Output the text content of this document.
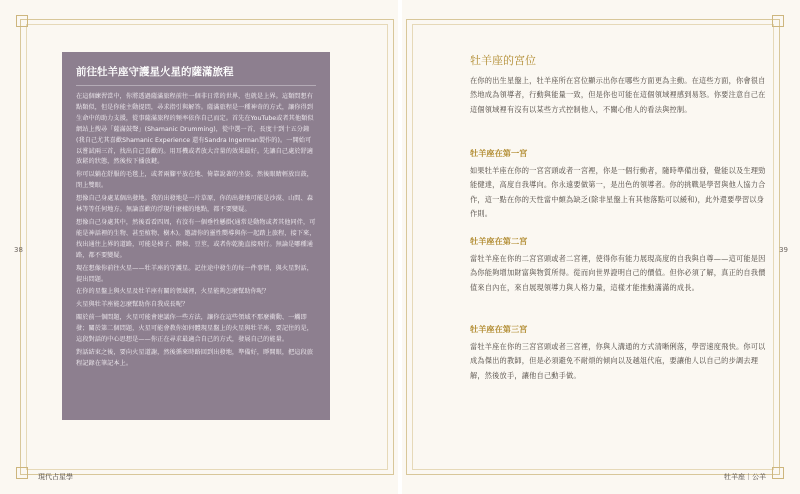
38
前往牡羊座守護星火星的薩滿旅程

在這個練習當中，你將透過薩滿旅程前往一個非日常的世界，也就是上界。這類問想有點類似，但是你能主動提問，尋求指引與解答。薩滿旅程是一種神奇的方式，讓你得到生命中的助力支援，從事薩滿旅程的頻率依你自己而定。首先在YouTube或者其他類似網站上搜尋「薩滿鼓聲」(Shamanic Drumming)，從中選一首，長度十到十五分鐘(我自己尤其喜歡Shamanic Experience 還有Sandra Ingerman製作的)。一開始可以嘗試兩三首，找出自己喜歡的。用耳機或者放大音量的效果最好。先讓自己處於舒適放鬆的狀態，然後按下播放鍵。

你可以躺在舒服的毛毯上，或者兩腳平放在地、倚靠說著的坐姿。然後眼睛輕放盲鼓，閉上雙眼。

想像自己身處某個出發地。我的出發地是一片草原，你的出發地可能是沙漠、山間、森林等等任何地方。無論喜歡的浮現什麼樣的地點，都不要變疑。

想像自己身處其中，然後看看四周，有沒有一個垂性懸掛(通常是動物或者其他同伴，可能是神話裡的生物、甚至植物、樹木)。邀請你的靈性嚮導與你一起踏上旅程，接下來，找出通往上界的道路，可能是梯子、階梯、豆莖，或者你乾脆直接飛行。無論是哪種通路，都不要變疑。

現在想像你前往火星——牡羊座的守護星。記住途中發生的每一件事情，與火星對話，提出問題。

在你的星盤上與火星及牡羊座有關的領域裡，火星能夠怎麼幫助你呢？

火星與牡羊座能怎麼幫助你自我成長呢？

關於前一個問題，火星可能會建議你一些方法，讓你在這些領域不那麼衝動、一觸即發；關於第二個問題，火星可能會教你如何體現星盤上的火星與牡羊座，要記住的是，這段對話的中心思想是——你正在尋求最適合自己的方式，發展自己的能量。

對話結束之後，要向火星道謝，然後循來時路回到出發地，準備好，睜開眼，把這段旅程記錄在筆記本上。

現代占星學
39
牡羊座｜公羊
牡羊座的宮位

在你的出生星盤上，牡羊座所在宮位顯示出你在哪些方面更為主動。在這些方面，你會很自然地成為領導者，行動與能量一致，但是你也可能在這個領域裡感到易怒。你要注意自己在這個領域裡有沒有以某些方式控制他人，不關心他人的看法與控制。

牡羊座在第一宮

如果牡羊座在你的一宮宮頭或者一宮裡，你是一個行動者，隨時準備出發，覺能以及生理勁能健達，高度自我導向。你永遠要做第一，是出色的領導者。你的挑戰是學習與他人協力合作，這一點在你的天性當中頗為缺乏(除非星盤上有其他落點可以緩和)，此外還要學習以身作則。

牡羊座在第二宮

當牡羊座在你的二宮宮頭或者二宮裡，使得你有能力展現高度的自我與自尊——這可能是因為你能夠增加財富與物質所得。從而向世界證明自己的價值。但你必須了解，真正的自我價值來自內在，來自展現領導力與人格力量，這樣才能推動滿滿的成長。

牡羊座在第三宮

當牡羊座在你的三宮宮頭或者三宮裡，你與人溝通的方式清晰俐落，學習速度飛快。你可以成為傑出的教師，但是必須避免不耐煩的傾向以及越俎代庖，要讓他人以自己的步調去理解，然後放手，讓他自己動手做。
